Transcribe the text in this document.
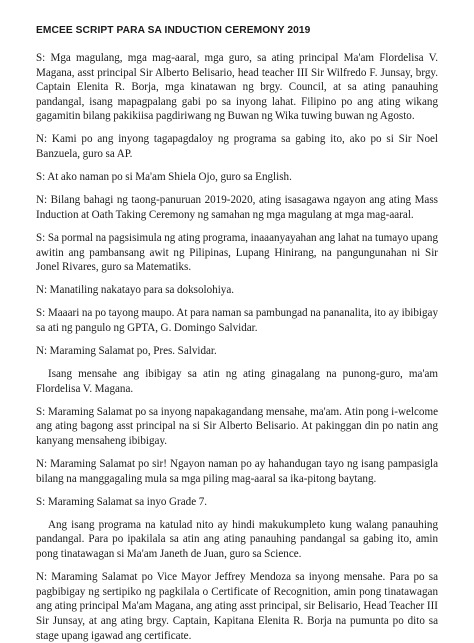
EMCEE SCRIPT PARA SA INDUCTION CEREMONY 2019
S: Mga magulang, mga mag-aaral, mga guro, sa ating principal Ma'am Flordelisa V. Magana, asst principal Sir Alberto Belisario, head teacher III Sir Wilfredo F. Junsay, brgy. Captain Elenita R. Borja, mga kinatawan ng brgy. Council, at sa ating panauhing pandangal, isang mapagpalang gabi po sa inyong lahat. Filipino po ang ating wikang gagamitin bilang pakikiisa pagdiriwang ng Buwan ng Wika tuwing buwan ng Agosto.
N: Kami po ang inyong tagapagdaloy ng programa sa gabing ito, ako po si Sir Noel Banzuela, guro sa AP.
S: At ako naman po si Ma'am Shiela Ojo, guro sa English.
N: Bilang bahagi ng taong-panuruan 2019-2020, ating isasagawa ngayon ang ating Mass Induction at Oath Taking Ceremony ng samahan ng mga magulang at mga mag-aaral.
S: Sa pormal na pagsisimula ng ating programa, inaaanyayahan ang lahat na tumayo upang awitin ang pambansang awit ng Pilipinas, Lupang Hinirang, na pangungunahan ni Sir Jonel Rivares, guro sa Matematiks.
N: Manatiling nakatayo para sa doksolohiya.
S: Maaari na po tayong maupo. At para naman sa pambungad na pananalita, ito ay ibibigay sa ati ng pangulo ng GPTA, G. Domingo Salvidar.
N: Maraming Salamat po, Pres. Salvidar.
Isang mensahe ang ibibigay sa atin ng ating ginagalang na punong-guro, ma'am Flordelisa V. Magana.
S: Maraming Salamat po sa inyong napakagandang mensahe, ma'am. Atin pong i-welcome ang ating bagong asst principal na si Sir Alberto Belisario. At pakinggan din po natin ang kanyang mensaheng ibibigay.
N: Maraming Salamat po sir! Ngayon naman po ay hahandugan tayo ng isang pampasigla bilang na manggagaling mula sa mga piling mag-aaral sa ika-pitong baytang.
S: Maraming Salamat sa inyo Grade 7.
Ang isang programa na katulad nito ay hindi makukumpleto kung walang panauhing pandangal. Para po ipakilala sa atin ang ating panauhing pandangal sa gabing ito, amin pong tinatawagan si Ma'am Janeth de Juan, guro sa Science.
N: Maraming Salamat po Vice Mayor Jeffrey Mendoza sa inyong mensahe. Para po sa pagbibigay ng sertipiko ng pagkilala o Certificate of Recognition, amin pong tinatawagan ang ating principal Ma'am Magana, ang ating asst principal, sir Belisario, Head Teacher III Sir Junsay, at ang ating brgy. Captain, Kapitana Elenita R. Borja na pumunta po dito sa stage upang igawad ang certificate.
